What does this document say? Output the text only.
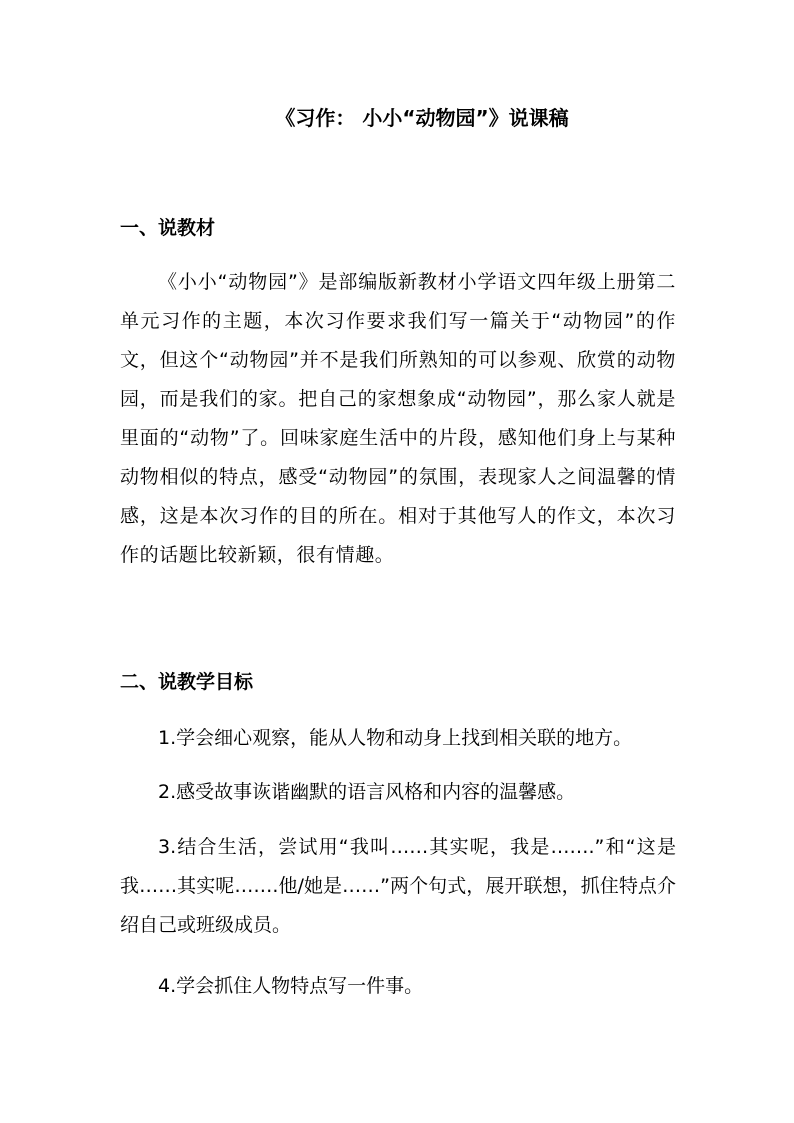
《习作： 小小“动物园”》说课稿
一、说教材

《小小“动物园”》是部编版新教材小学语文四年级上册第二单元习作的主题，本次习作要求我们写一篇关于“动物园”的作文，但这个“动物园”并不是我们所熟知的可以参观、欣赏的动物园，而是我们的家。把自己的家想象成“动物园”，那么家人就是里面的“动物”了。回味家庭生活中的片段，感知他们身上与某种动物相似的特点，感受“动物园”的氛围，表现家人之间温馨的情感，这是本次习作的目的所在。相对于其他写人的作文，本次习作的话题比较新颖，很有情趣。

二、说教学目标

1.学会细心观察，能从人物和动身上找到相关联的地方。

2.感受故事诙谐幽默的语言风格和内容的温馨感。

3.结合生活，尝试用“我叫……其实呢，我是…….”和“这是我……其实呢…….他/她是……”两个句式，展开联想，抓住特点介绍自己或班级成员。

4.学会抓住人物特点写一件事。
